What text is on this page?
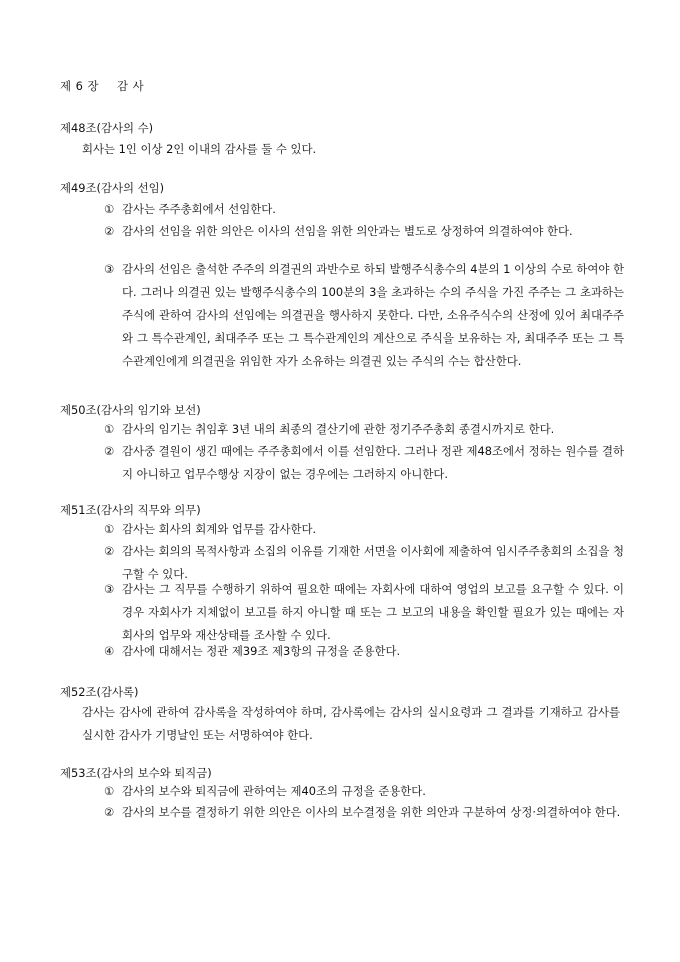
제 6 장 감 사
제48조(감사의 수)
회사는 1인 이상 2인 이내의 감사를 둘 수 있다.
제49조(감사의 선임)
① 감사는 주주총회에서 선임한다.
② 감사의 선임을 위한 의안은 이사의 선임을 위한 의안과는 별도로 상정하여 의결하여야 한다.
③ 감사의 선임은 출석한 주주의 의결권의 과반수로 하되 발행주식총수의 4분의 1 이상의 수로 하여야 한다. 그러나 의결권 있는 발행주식총수의 100분의 3을 초과하는 수의 주식을 가진 주주는 그 초과하는 주식에 관하여 감사의 선임에는 의결권을 행사하지 못한다. 다만, 소유주식수의 산정에 있어 최대주주와 그 특수관계인, 최대주주 또는 그 특수관계인의 계산으로 주식을 보유하는 자, 최대주주 또는 그 특수관계인에게 의결권을 위임한 자가 소유하는 의결권 있는 주식의 수는 합산한다.
제50조(감사의 임기와 보선)
① 감사의 임기는 취임후 3년 내의 최종의 결산기에 관한 정기주주총회 종결시까지로 한다.
② 감사중 결원이 생긴 때에는 주주총회에서 이를 선임한다. 그러나 정관 제48조에서 정하는 원수를 결하지 아니하고 업무수행상 지장이 없는 경우에는 그러하지 아니한다.
제51조(감사의 직무와 의무)
① 감사는 회사의 회계와 업무를 감사한다.
② 감사는 회의의 목적사항과 소집의 이유를 기재한 서면을 이사회에 제출하여 임시주주총회의 소집을 청구할 수 있다.
③ 감사는 그 직무를 수행하기 위하여 필요한 때에는 자회사에 대하여 영업의 보고를 요구할 수 있다. 이 경우 자회사가 지체없이 보고를 하지 아니할 때 또는 그 보고의 내용을 확인할 필요가 있는 때에는 자회사의 업무와 재산상태를 조사할 수 있다.
④ 감사에 대해서는 정관 제39조 제3항의 규정을 준용한다.
제52조(감사록)
감사는 감사에 관하여 감사록을 작성하여야 하며, 감사록에는 감사의 실시요령과 그 결과를 기재하고 감사를 실시한 감사가 기명날인 또는 서명하여야 한다.
제53조(감사의 보수와 퇴직금)
① 감사의 보수와 퇴직금에 관하여는 제40조의 규정을 준용한다.
② 감사의 보수를 결정하기 위한 의안은 이사의 보수결정을 위한 의안과 구분하여 상정·의결하여야 한다.
